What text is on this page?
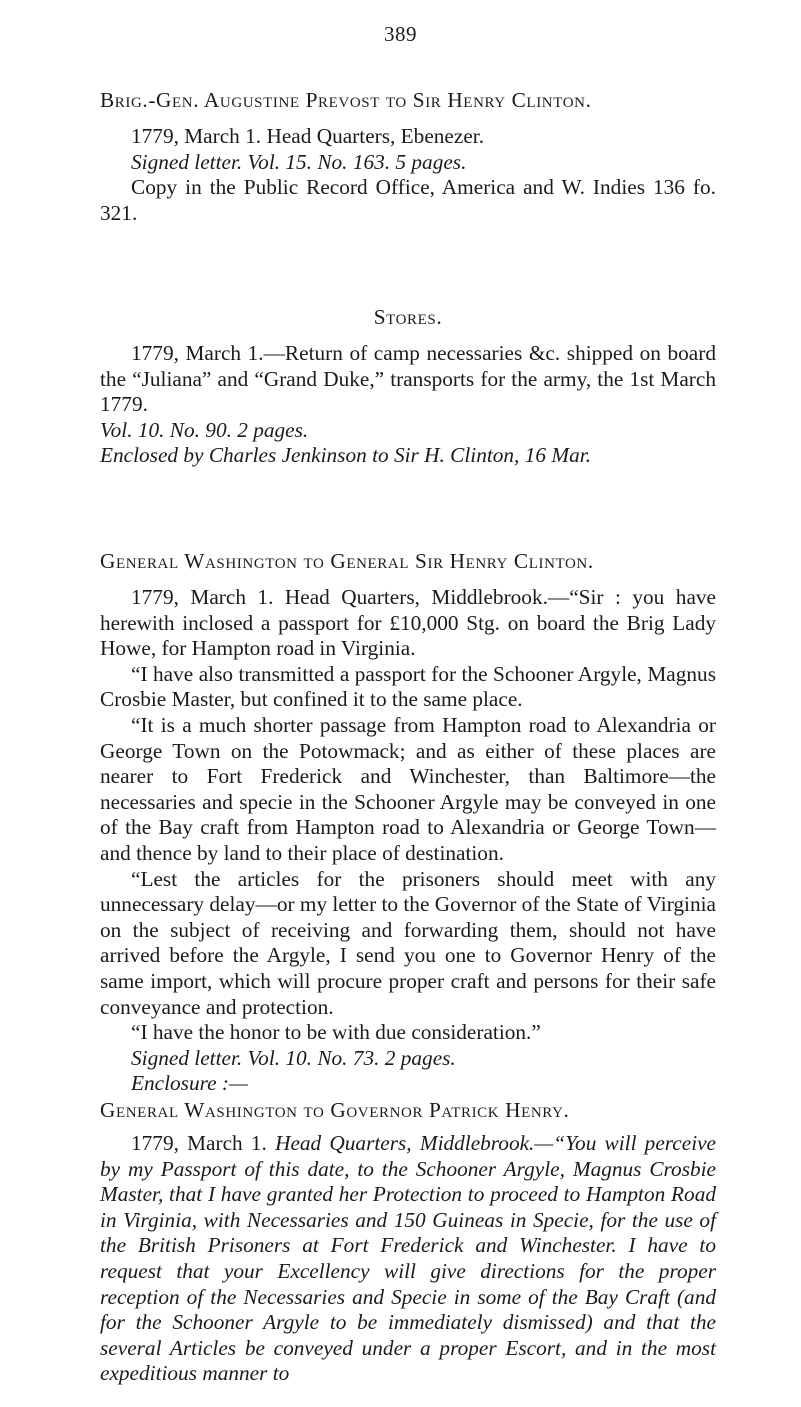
389

Brig.-Gen. Augustine Prevost to Sir Henry Clinton.

1779, March 1. Head Quarters, Ebenezer.

Signed letter. Vol. 15. No. 163. 5 pages.

Copy in the Public Record Office, America and W. Indies 136 fo. 321.

Stores.

1779, March 1.—Return of camp necessaries &c. shipped on board the “Juliana” and “Grand Duke,” transports for the army, the 1st March 1779.

Vol. 10. No. 90. 2 pages.

Enclosed by Charles Jenkinson to Sir H. Clinton, 16 Mar.

General Washington to General Sir Henry Clinton.

1779, March 1. Head Quarters, Middlebrook.—“Sir : you have herewith inclosed a passport for £10,000 Stg. on board the Brig Lady Howe, for Hampton road in Virginia.

“I have also transmitted a passport for the Schooner Argyle, Magnus Crosbie Master, but confined it to the same place.

“It is a much shorter passage from Hampton road to Alexandria or George Town on the Potowmack; and as either of these places are nearer to Fort Frederick and Winchester, than Baltimore—the necessaries and specie in the Schooner Argyle may be conveyed in one of the Bay craft from Hampton road to Alexandria or George Town—and thence by land to their place of destination.

“Lest the articles for the prisoners should meet with any unnecessary delay—or my letter to the Governor of the State of Virginia on the subject of receiving and forwarding them, should not have arrived before the Argyle, I send you one to Governor Henry of the same import, which will procure proper craft and persons for their safe conveyance and protection.

“I have the honor to be with due consideration.”

Signed letter. Vol. 10. No. 73. 2 pages.

Enclosure :—

General Washington to Governor Patrick Henry.

1779, March 1. Head Quarters, Middlebrook.—“You will perceive by my Passport of this date, to the Schooner Argyle, Magnus Crosbie Master, that I have granted her Protection to proceed to Hampton Road in Virginia, with Necessaries and 150 Guineas in Specie, for the use of the British Prisoners at Fort Frederick and Winchester. I have to request that your Excellency will give directions for the proper reception of the Necessaries and Specie in some of the Bay Craft (and for the Schooner Argyle to be immediately dismissed) and that the several Articles be conveyed under a proper Escort, and in the most expeditious manner to
